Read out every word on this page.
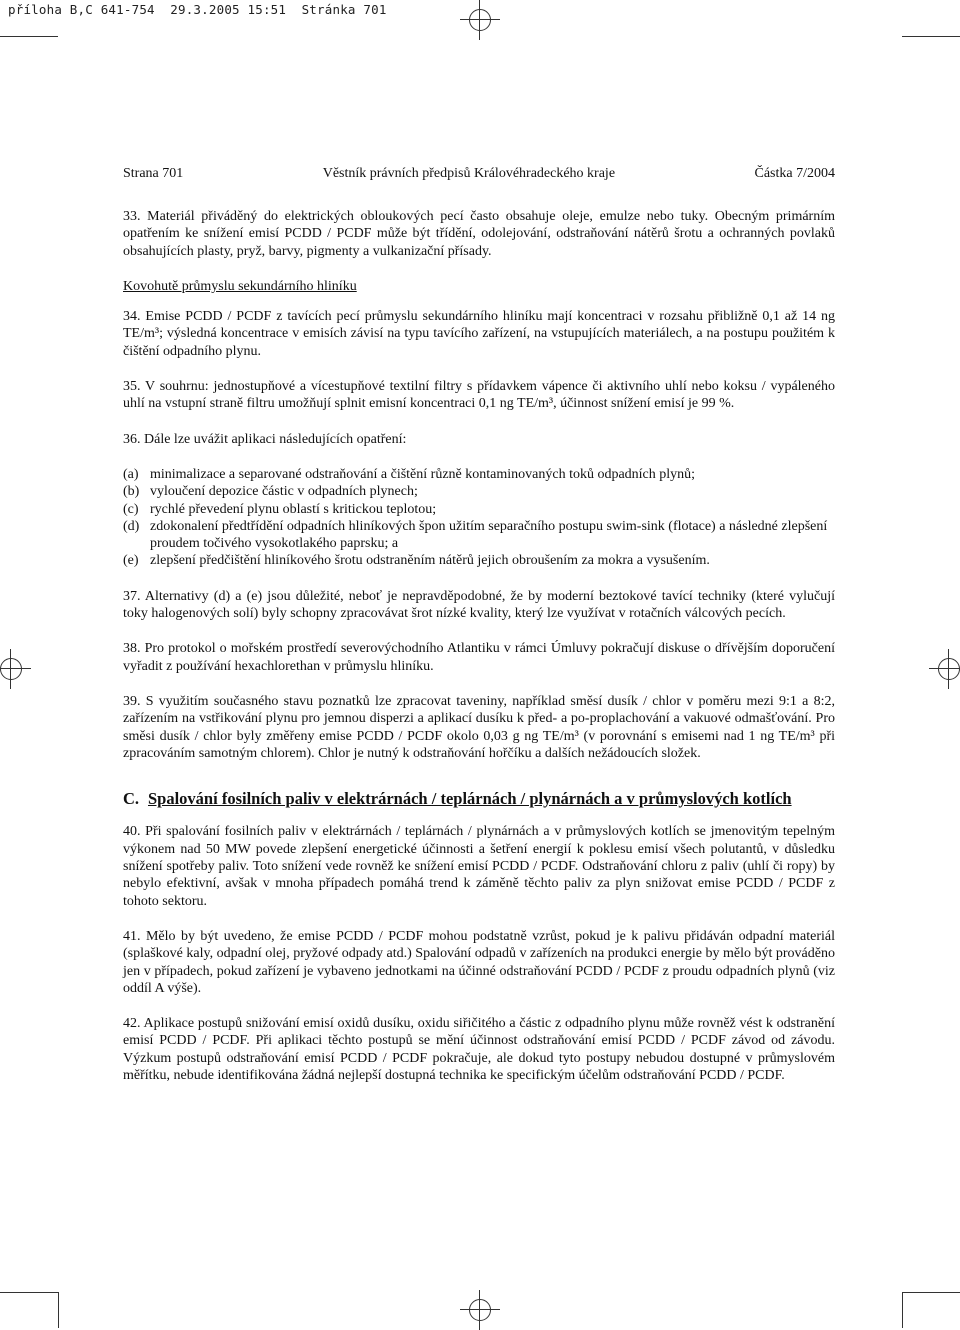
příloha B,C 641-754  29.3.2005 15:51  Stránka 701
Strana 701	Věstník právních předpisů Královéhradeckého kraje	Částka 7/2004

33. Materiál přiváděný do elektrických obloukových pecí často obsahuje oleje, emulze nebo tuky. Obecným primárním opatřením ke snížení emisí PCDD / PCDF může být třídění, odolejování, odstraňování nátěrů šrotu a ochranných povlaků obsahujících plasty, pryž, barvy, pigmenty a vulkanizační přísady.

Kovohutě průmyslu sekundárního hliníku

34. Emise PCDD / PCDF z tavících pecí průmyslu sekundárního hliníku mají koncentraci v rozsahu přibližně 0,1 až 14 ng TE/m³; výsledná koncentrace v emisích závisí na typu tavícího zařízení, na vstupujících materiálech, a na postupu použitém k čištění odpadního plynu.

35. V souhrnu: jednostupňové a vícestupňové textilní filtry s přídavkem vápence či aktivního uhlí nebo koksu / vypáleného uhlí na vstupní straně filtru umožňují splnit emisní koncentraci 0,1 ng TE/m³, účinnost snížení emisí je 99 %.

36. Dále lze uvážit aplikaci následujících opatření:

(a) minimalizace a separované odstraňování a čištění různě kontaminovaných toků odpadních plynů;
(b) vyloučení depozice částic v odpadních plynech;
(c) rychlé převedení plynu oblastí s kritickou teplotou;
(d) zdokonalení předtřídění odpadních hliníkových špon užitím separačního postupu swim-sink (flotace) a následné zlepšení proudem točivého vysokotlakého paprsku; a
(e) zlepšení předčištění hliníkového šrotu odstraněním nátěrů jejich obroušením za mokra a vysušením.

37. Alternativy (d) a (e) jsou důležité, neboť je nepravděpodobné, že by moderní beztokové tavící techniky (které vylučují toky halogenových solí) byly schopny zpracovávat šrot nízké kvality, který lze využívat v rotačních válcových pecích.

38. Pro protokol o mořském prostředí severovýchodního Atlantiku v rámci Úmluvy pokračují diskuse o dřívějším doporučení vyřadit z používání hexachlorethan v průmyslu hliníku.

39. S využitím současného stavu poznatků lze zpracovat taveniny, například směsí dusík / chlor v poměru mezi 9:1 a 8:2, zařízením na vstřikování plynu pro jemnou disperzi a aplikací dusíku k před- a po-proplachování a vakuové odmašťování. Pro směsi dusík / chlor byly změřeny emise PCDD / PCDF okolo 0,03 g ng TE/m³ (v porovnání s emisemi nad 1 ng TE/m³ při zpracováním samotným chlorem). Chlor je nutný k odstraňování hořčíku a dalších nežádoucích složek.

C. Spalování fosilních paliv v elektrárnách / teplárnách / plynárnách a v průmyslových kotlích

40. Při spalování fosilních paliv v elektrárnách / teplárnách / plynárnách a v průmyslových kotlích se jmenovitým tepelným výkonem nad 50 MW povede zlepšení energetické účinnosti a šetření energií k poklesu emisí všech polutantů, v důsledku snížení spotřeby paliv. Toto snížení vede rovněž ke snížení emisí PCDD / PCDF. Odstraňování chloru z paliv (uhlí či ropy) by nebylo efektivní, avšak v mnoha případech pomáhá trend k záměně těchto paliv za plyn snižovat emise PCDD / PCDF z tohoto sektoru.

41. Mělo by být uvedeno, že emise PCDD / PCDF mohou podstatně vzrůst, pokud je k palivu přidáván odpadní materiál (splaškové kaly, odpadní olej, pryžové odpady atd.) Spalování odpadů v zařízeních na produkci energie by mělo být prováděno jen v případech, pokud zařízení je vybaveno jednotkami na účinné odstraňování PCDD / PCDF z proudu odpadních plynů (viz oddíl A výše).

42. Aplikace postupů snižování emisí oxidů dusíku, oxidu siřičitého a částic z odpadního plynu může rovněž vést k odstranění emisí PCDD / PCDF. Při aplikaci těchto postupů se mění účinnost odstraňování emisí PCDD / PCDF závod od závodu. Výzkum postupů odstraňování emisí PCDD / PCDF pokračuje, ale dokud tyto postupy nebudou dostupné v průmyslovém měřítku, nebude identifikována žádná nejlepší dostupná technika ke specifickým účelům odstraňování PCDD / PCDF.
